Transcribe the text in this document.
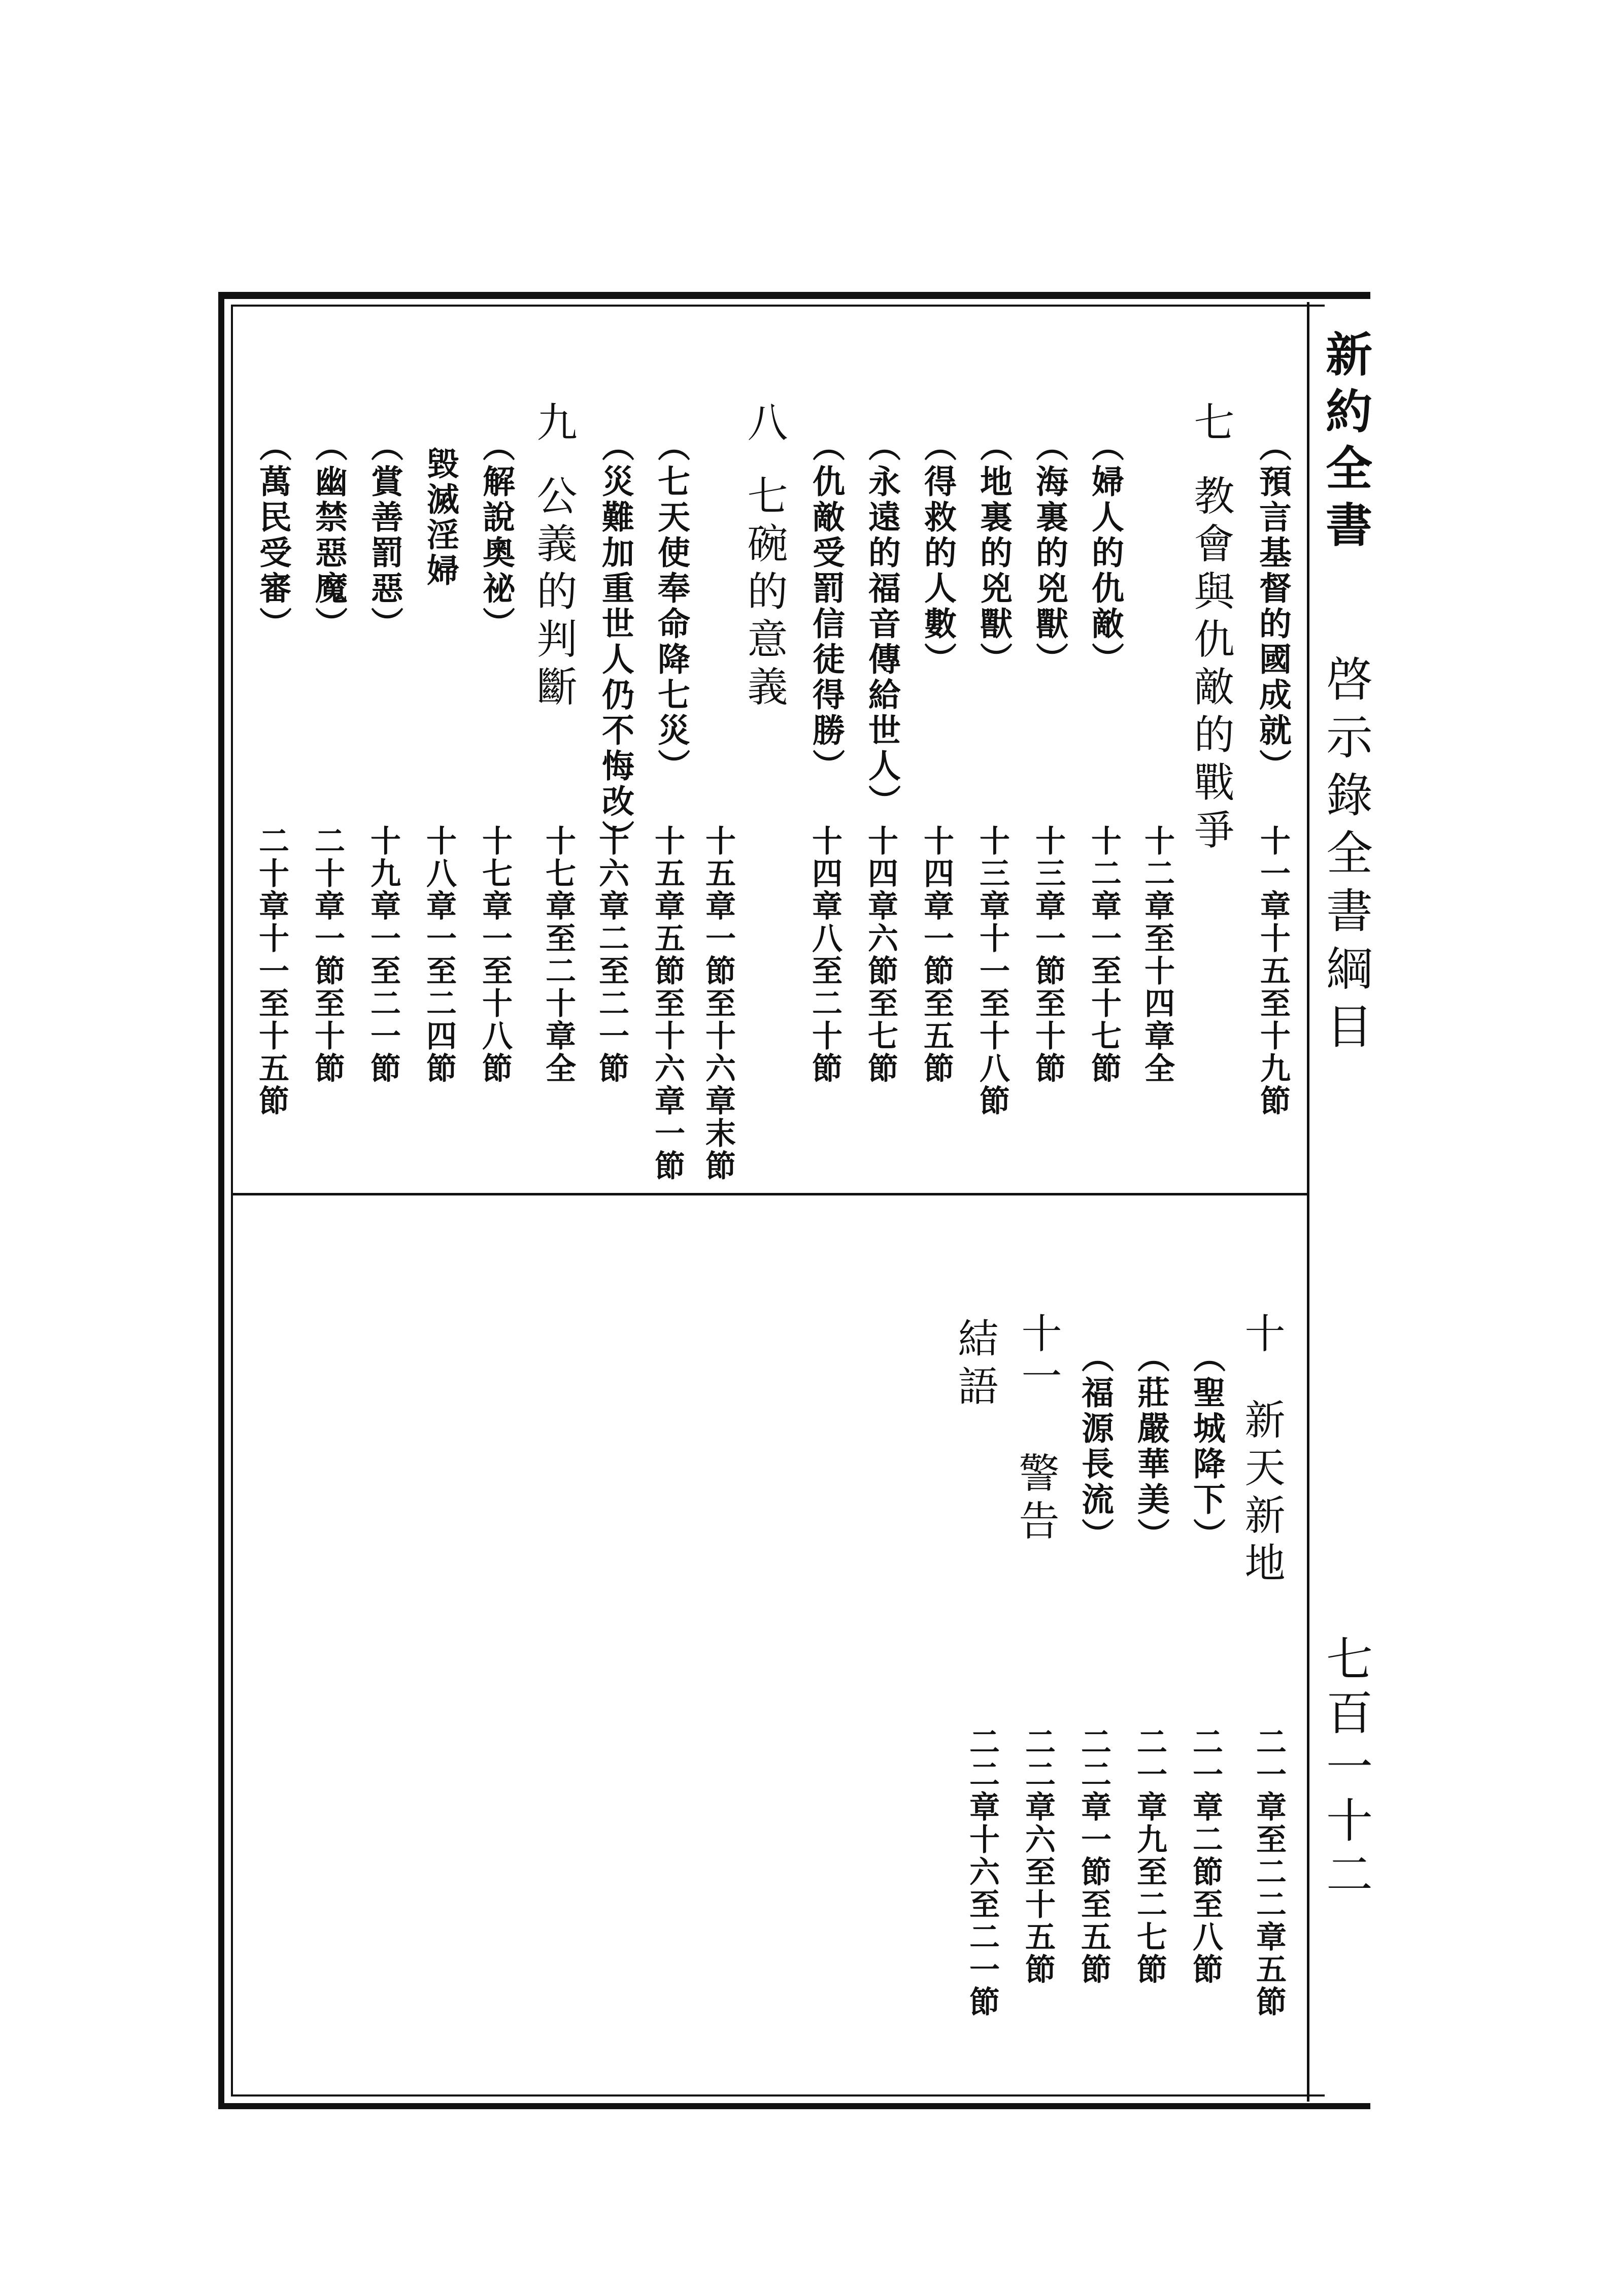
新約全書
啓示錄全書綱目
七百一十二
（預言基督的國成就）
十一章十五至十九節
七
教會與仇敵的戰爭
十二章至十四章全
（婦人的仇敵）
十二章一至十七節
（海裏的兇獸）
十三章一節至十節
（地裏的兇獸）
十三章十一至十八節
（得救的人數）
十四章一節至五節
（永遠的福音傳給世人）
十四章六節至七節
（仇敵受罰信徒得勝）
十四章八至二十節
八
七碗的意義
十五章一節至十六章末節
（七天使奉命降七災）
十五章五節至十六章一節
（災難加重世人仍不悔改）
十六章二至二一節
九
公義的判斷
十七章至二十章全
（解說奧祕）
十七章一至十八節
毀滅淫婦
十八章一至二四節
（賞善罰惡）
十九章一至二一節
（幽禁惡魔）
二十章一節至十節
（萬民受審）
二十章十一至十五節
十
新天新地
二一章至二二章五節
（聖城降下）
二一章二節至八節
（莊嚴華美）
二一章九至二七節
（福源長流）
二二章一節至五節
十一
警告
二二章六至十五節
結語
二二章十六至二一節
